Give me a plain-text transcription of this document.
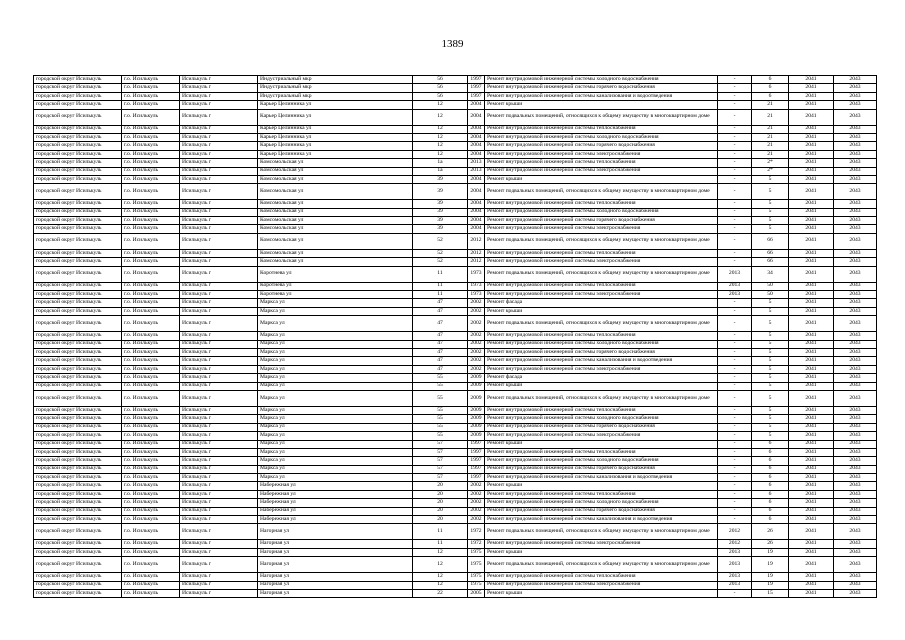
1389
городской округ Исилькуль	г.о. Исилькуль	Исилькуль г	Индустриальный мкр	56	1997	Ремонт внутридомовой инженерной системы холодного водоснабжения	-	6	2041	2043
городской округ Исилькуль	г.о. Исилькуль	Исилькуль г	Индустриальный мкр	56	1997	Ремонт внутридомовой инженерной системы горячего водоснабжения	-	6	2041	2043
городской округ Исилькуль	г.о. Исилькуль	Исилькуль г	Индустриальный мкр	56	1997	Ремонт внутридомовой инженерной системы канализования и водоотведения	-	6	2041	2043
городской округ Исилькуль	г.о. Исилькуль	Исилькуль г	Карьер Целинника ул	12	2004	Ремонт крыши	-	21	2041	2043
городской округ Исилькуль	г.о. Исилькуль	Исилькуль г	Карьер Целинника ул	12	2004	Ремонт подвальных помещений, относящихся к общему имуществу в многоквартирном доме	-	21	2041	2043
городской округ Исилькуль	г.о. Исилькуль	Исилькуль г	Карьер Целинника ул	12	2004	Ремонт внутридомовой инженерной системы теплоснабжения	-	21	2041	2043
городской округ Исилькуль	г.о. Исилькуль	Исилькуль г	Карьер Целинника ул	12	2004	Ремонт внутридомовой инженерной системы холодного водоснабжения	-	21	2041	2043
городской округ Исилькуль	г.о. Исилькуль	Исилькуль г	Карьер Целинника ул	12	2004	Ремонт внутридомовой инженерной системы горячего водоснабжения	-	21	2041	2043
городской округ Исилькуль	г.о. Исилькуль	Исилькуль г	Карьер Целинника ул	12	2004	Ремонт внутридомовой инженерной системы электроснабжения	-	21	2041	2043
городской округ Исилькуль	г.о. Исилькуль	Исилькуль г	Комсомольская ул	1а	2013	Ремонт внутридомовой инженерной системы теплоснабжения	-	2*	2041	2043
городской округ Исилькуль	г.о. Исилькуль	Исилькуль г	Комсомольская ул	1а	2013	Ремонт внутридомовой инженерной системы электроснабжения	-	2*	2041	2043
городской округ Исилькуль	г.о. Исилькуль	Исилькуль г	Комсомольская ул	39	2004	Ремонт крыши	-	5	2041	2043
городской округ Исилькуль	г.о. Исилькуль	Исилькуль г	Комсомольская ул	39	2004	Ремонт подвальных помещений, относящихся к общему имуществу в многоквартирном доме	-	5	2041	2043
городской округ Исилькуль	г.о. Исилькуль	Исилькуль г	Комсомольская ул	39	2004	Ремонт внутридомовой инженерной системы теплоснабжения	-	5	2041	2043
городской округ Исилькуль	г.о. Исилькуль	Исилькуль г	Комсомольская ул	39	2004	Ремонт внутридомовой инженерной системы холодного водоснабжения	-	5	2041	2043
городской округ Исилькуль	г.о. Исилькуль	Исилькуль г	Комсомольская ул	39	2004	Ремонт внутридомовой инженерной системы горячего водоснабжения	-	5	2041	2043
городской округ Исилькуль	г.о. Исилькуль	Исилькуль г	Комсомольская ул	39	2004	Ремонт внутридомовой инженерной системы электроснабжения	-	5	2041	2043
городской округ Исилькуль	г.о. Исилькуль	Исилькуль г	Комсомольская ул	52	2012	Ремонт подвальных помещений, относящихся к общему имуществу в многоквартирном доме	-	66	2041	2043
городской округ Исилькуль	г.о. Исилькуль	Исилькуль г	Комсомольская ул	52	2012	Ремонт внутридомовой инженерной системы теплоснабжения	-	66	2041	2043
городской округ Исилькуль	г.о. Исилькуль	Исилькуль г	Комсомольская ул	52	2012	Ремонт внутридомовой инженерной системы электроснабжения	-	66	2041	2043
городской округ Исилькуль	г.о. Исилькуль	Исилькуль г	Коротнева ул	11	1973	Ремонт подвальных помещений, относящихся к общему имуществу в многоквартирном доме	2013	34	2041	2043
городской округ Исилькуль	г.о. Исилькуль	Исилькуль г	Коротнева ул	11	1973	Ремонт внутридомовой инженерной системы теплоснабжения	2013	50	2041	2043
городской округ Исилькуль	г.о. Исилькуль	Исилькуль г	Коротнева ул	11	1973	Ремонт внутридомовой инженерной системы электроснабжения	2013	50	2041	2043
городской округ Исилькуль	г.о. Исилькуль	Исилькуль г	Маркса ул	47	2002	Ремонт фасада	-	5	2041	2043
городской округ Исилькуль	г.о. Исилькуль	Исилькуль г	Маркса ул	47	2002	Ремонт крыши	-	5	2041	2043
городской округ Исилькуль	г.о. Исилькуль	Исилькуль г	Маркса ул	47	2002	Ремонт подвальных помещений, относящихся к общему имуществу в многоквартирном доме	-	5	2041	2043
городской округ Исилькуль	г.о. Исилькуль	Исилькуль г	Маркса ул	47	2002	Ремонт внутридомовой инженерной системы теплоснабжения	-	5	2041	2043
городской округ Исилькуль	г.о. Исилькуль	Исилькуль г	Маркса ул	47	2002	Ремонт внутридомовой инженерной системы холодного водоснабжения	-	5	2041	2043
городской округ Исилькуль	г.о. Исилькуль	Исилькуль г	Маркса ул	47	2002	Ремонт внутридомовой инженерной системы горячего водоснабжения	-	5	2041	2043
городской округ Исилькуль	г.о. Исилькуль	Исилькуль г	Маркса ул	47	2002	Ремонт внутридомовой инженерной системы канализования и водоотведения	-	5	2041	2043
городской округ Исилькуль	г.о. Исилькуль	Исилькуль г	Маркса ул	47	2002	Ремонт внутридомовой инженерной системы электроснабжения	-	5	2041	2043
городской округ Исилькуль	г.о. Исилькуль	Исилькуль г	Маркса ул	55	2009	Ремонт фасада	-	5	2041	2043
городской округ Исилькуль	г.о. Исилькуль	Исилькуль г	Маркса ул	55	2009	Ремонт крыши	-	5	2041	2043
городской округ Исилькуль	г.о. Исилькуль	Исилькуль г	Маркса ул	55	2009	Ремонт подвальных помещений, относящихся к общему имуществу в многоквартирном доме	-	5	2041	2043
городской округ Исилькуль	г.о. Исилькуль	Исилькуль г	Маркса ул	55	2009	Ремонт внутридомовой инженерной системы теплоснабжения	-	5	2041	2043
городской округ Исилькуль	г.о. Исилькуль	Исилькуль г	Маркса ул	55	2009	Ремонт внутридомовой инженерной системы холодного водоснабжения	-	5	2041	2043
городской округ Исилькуль	г.о. Исилькуль	Исилькуль г	Маркса ул	55	2009	Ремонт внутридомовой инженерной системы горячего водоснабжения	-	5	2041	2043
городской округ Исилькуль	г.о. Исилькуль	Исилькуль г	Маркса ул	55	2009	Ремонт внутридомовой инженерной системы электроснабжения	-	5	2041	2043
городской округ Исилькуль	г.о. Исилькуль	Исилькуль г	Маркса ул	57	1997	Ремонт крыши	-	6	2041	2043
городской округ Исилькуль	г.о. Исилькуль	Исилькуль г	Маркса ул	57	1997	Ремонт внутридомовой инженерной системы теплоснабжения	-	6	2041	2043
городской округ Исилькуль	г.о. Исилькуль	Исилькуль г	Маркса ул	57	1997	Ремонт внутридомовой инженерной системы холодного водоснабжения	-	6	2041	2043
городской округ Исилькуль	г.о. Исилькуль	Исилькуль г	Маркса ул	57	1997	Ремонт внутридомовой инженерной системы горячего водоснабжения	-	6	2041	2043
городской округ Исилькуль	г.о. Исилькуль	Исилькуль г	Маркса ул	57	1997	Ремонт внутридомовой инженерной системы канализования и водоотведения	-	6	2041	2043
городской округ Исилькуль	г.о. Исилькуль	Исилькуль г	Набережная ул	20	2002	Ремонт крыши	-	6	2041	2043
городской округ Исилькуль	г.о. Исилькуль	Исилькуль г	Набережная ул	20	2002	Ремонт внутридомовой инженерной системы теплоснабжения	-	6	2041	2043
городской округ Исилькуль	г.о. Исилькуль	Исилькуль г	Набережная ул	20	2002	Ремонт внутридомовой инженерной системы холодного водоснабжения	-	6	2041	2043
городской округ Исилькуль	г.о. Исилькуль	Исилькуль г	Набережная ул	20	2002	Ремонт внутридомовой инженерной системы горячего водоснабжения	-	6	2041	2043
городской округ Исилькуль	г.о. Исилькуль	Исилькуль г	Набережная ул	20	2002	Ремонт внутридомовой инженерной системы канализования и водоотведения	-	6	2041	2043
городской округ Исилькуль	г.о. Исилькуль	Исилькуль г	Нагорная ул	11	1972	Ремонт подвальных помещений, относящихся к общему имуществу в многоквартирном доме	2012	26	2041	2043
городской округ Исилькуль	г.о. Исилькуль	Исилькуль г	Нагорная ул	11	1972	Ремонт внутридомовой инженерной системы электроснабжения	2012	26	2041	2043
городской округ Исилькуль	г.о. Исилькуль	Исилькуль г	Нагорная ул	12	1975	Ремонт крыши	2013	19	2041	2043
городской округ Исилькуль	г.о. Исилькуль	Исилькуль г	Нагорная ул	12	1975	Ремонт подвальных помещений, относящихся к общему имуществу в многоквартирном доме	2013	19	2041	2043
городской округ Исилькуль	г.о. Исилькуль	Исилькуль г	Нагорная ул	12	1975	Ремонт внутридомовой инженерной системы теплоснабжения	2013	19	2041	2043
городской округ Исилькуль	г.о. Исилькуль	Исилькуль г	Нагорная ул	12	1975	Ремонт внутридомовой инженерной системы электроснабжения	2013	19	2041	2043
городской округ Исилькуль	г.о. Исилькуль	Исилькуль г	Нагорная ул	22	2005	Ремонт крыши	-	15	2041	2043
